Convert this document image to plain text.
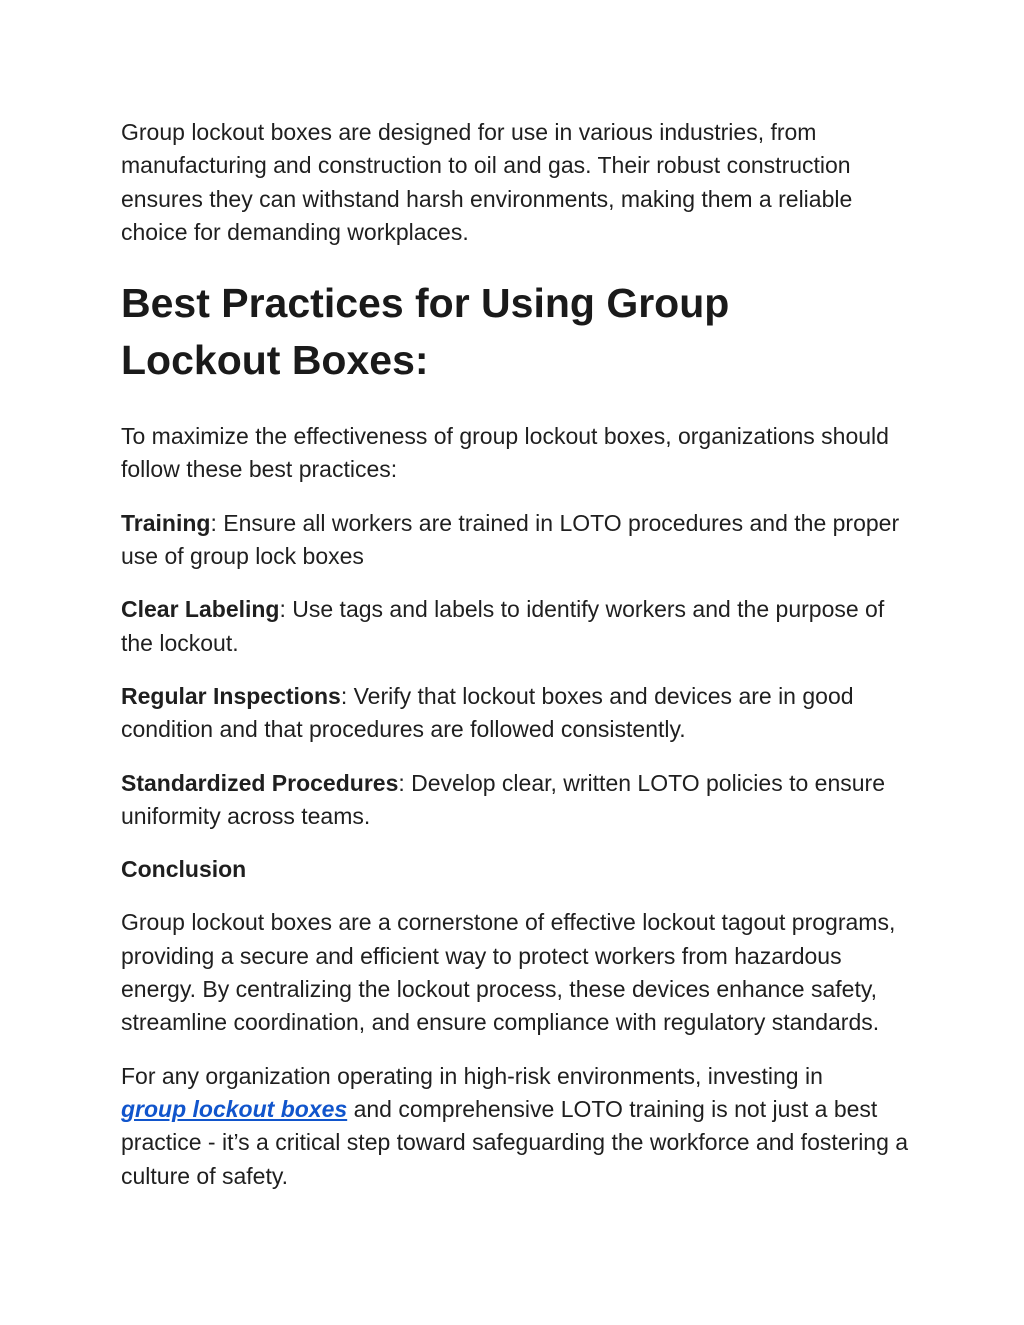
Group lockout boxes are designed for use in various industries, from manufacturing and construction to oil and gas. Their robust construction ensures they can withstand harsh environments, making them a reliable choice for demanding workplaces.

Best Practices for Using Group
Lockout Boxes:

To maximize the effectiveness of group lockout boxes, organizations should follow these best practices:

Training: Ensure all workers are trained in LOTO procedures and the proper use of group lock boxes

Clear Labeling: Use tags and labels to identify workers and the purpose of the lockout.

Regular Inspections: Verify that lockout boxes and devices are in good condition and that procedures are followed consistently.

Standardized Procedures: Develop clear, written LOTO policies to ensure uniformity across teams.

Conclusion

Group lockout boxes are a cornerstone of effective lockout tagout programs, providing a secure and efficient way to protect workers from hazardous energy. By centralizing the lockout process, these devices enhance safety, streamline coordination, and ensure compliance with regulatory standards.

For any organization operating in high-risk environments, investing in
group lockout boxes and comprehensive LOTO training is not just a best practice - it’s a critical step toward safeguarding the workforce and fostering a culture of safety.
